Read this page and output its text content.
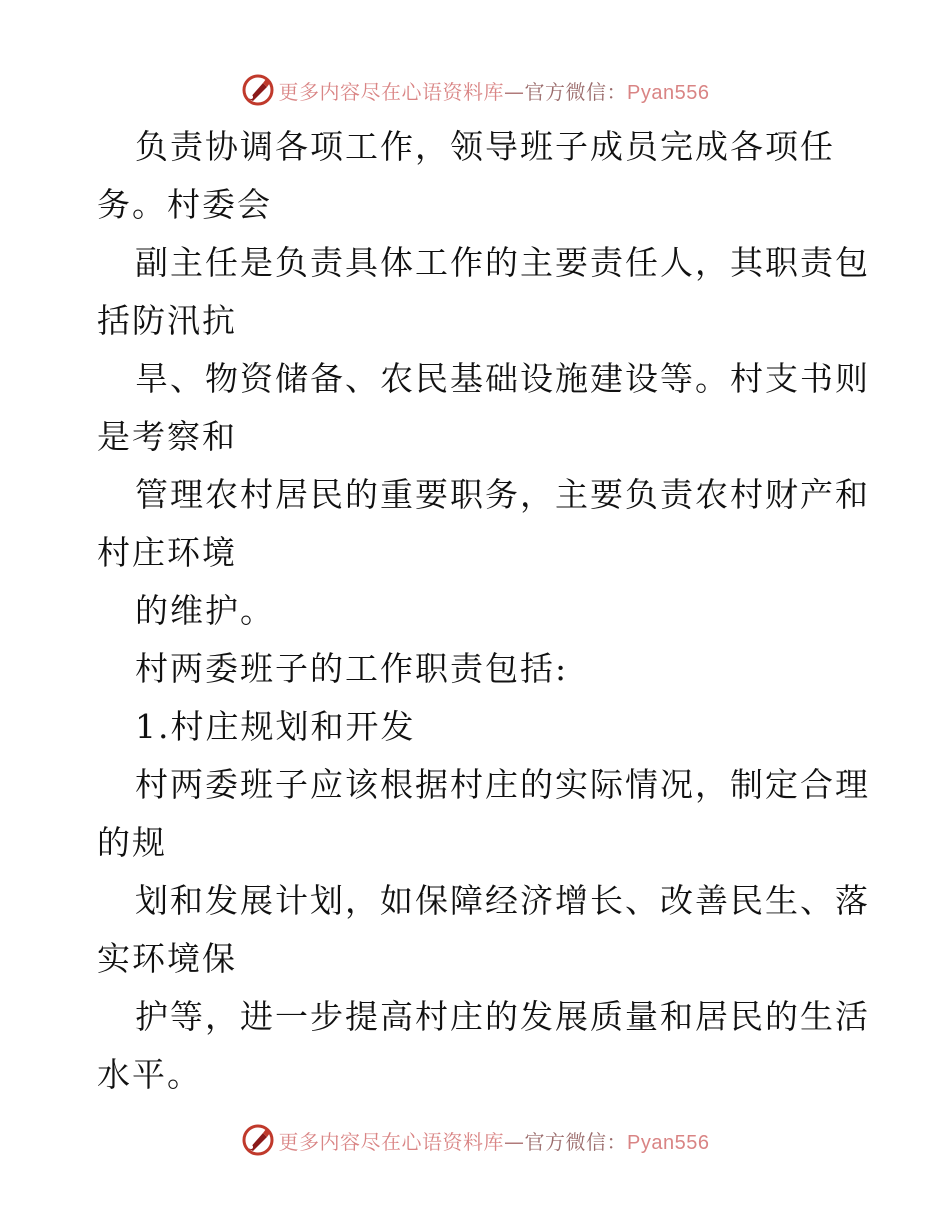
更多内容尽在心语资料库—官方微信：Pyan556
负责协调各项工作，领导班子成员完成各项任
务。村委会
副主任是负责具体工作的主要责任人，其职责包
括防汛抗
旱、物资储备、农民基础设施建设等。村支书则
是考察和
管理农村居民的重要职务，主要负责农村财产和
村庄环境
的维护。
村两委班子的工作职责包括:
1.村庄规划和开发
村两委班子应该根据村庄的实际情况，制定合理
的规
划和发展计划，如保障经济增长、改善民生、落
实环境保
护等，进一步提高村庄的发展质量和居民的生活
水平。
更多内容尽在心语资料库—官方微信：Pyan556
